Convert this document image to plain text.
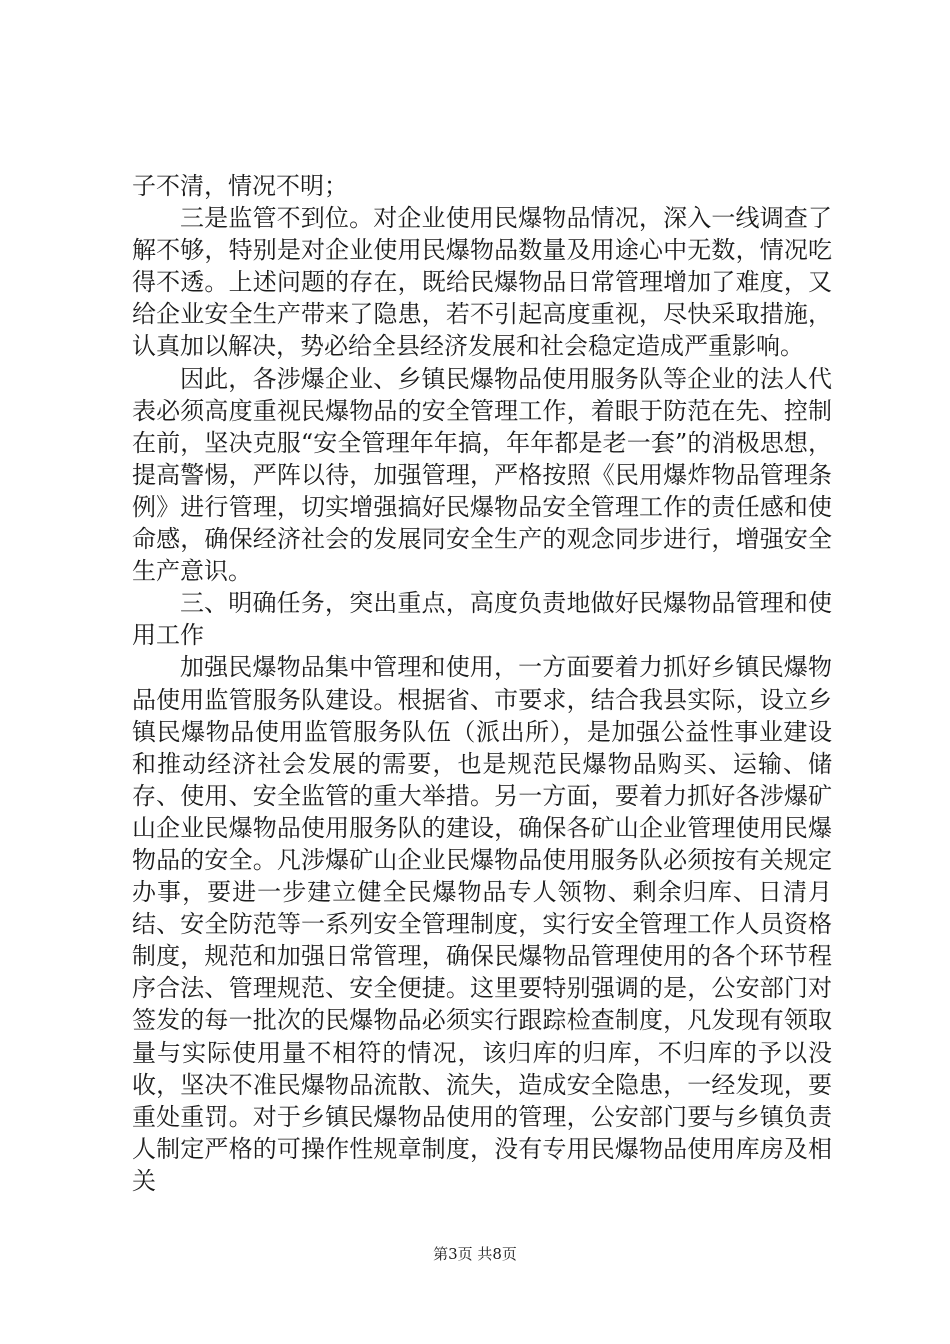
子不清，情况不明；

三是监管不到位。对企业使用民爆物品情况，深入一线调查了解不够，特别是对企业使用民爆物品数量及用途心中无数，情况吃得不透。上述问题的存在，既给民爆物品日常管理增加了难度，又给企业安全生产带来了隐患，若不引起高度重视，尽快采取措施，认真加以解决，势必给全县经济发展和社会稳定造成严重影响。

因此，各涉爆企业、乡镇民爆物品使用服务队等企业的法人代表必须高度重视民爆物品的安全管理工作，着眼于防范在先、控制在前，坚决克服“安全管理年年搞，年年都是老一套”的消极思想，提高警惕，严阵以待，加强管理，严格按照《民用爆炸物品管理条例》进行管理，切实增强搞好民爆物品安全管理工作的责任感和使命感，确保经济社会的发展同安全生产的观念同步进行，增强安全生产意识。

三、明确任务，突出重点，高度负责地做好民爆物品管理和使用工作

加强民爆物品集中管理和使用，一方面要着力抓好乡镇民爆物品使用监管服务队建设。根据省、市要求，结合我县实际，设立乡镇民爆物品使用监管服务队伍（派出所），是加强公益性事业建设和推动经济社会发展的需要，也是规范民爆物品购买、运输、储存、使用、安全监管的重大举措。另一方面，要着力抓好各涉爆矿山企业民爆物品使用服务队的建设，确保各矿山企业管理使用民爆物品的安全。凡涉爆矿山企业民爆物品使用服务队必须按有关规定办事，要进一步建立健全民爆物品专人领物、剩余归库、日清月结、安全防范等一系列安全管理制度，实行安全管理工作人员资格制度，规范和加强日常管理，确保民爆物品管理使用的各个环节程序合法、管理规范、安全便捷。这里要特别强调的是，公安部门对签发的每一批次的民爆物品必须实行跟踪检查制度，凡发现有领取量与实际使用量不相符的情况，该归库的归库，不归库的予以没收，坚决不准民爆物品流散、流失，造成安全隐患，一经发现，要重处重罚。对于乡镇民爆物品使用的管理，公安部门要与乡镇负责人制定严格的可操作性规章制度，没有专用民爆物品使用库房及相关

第3页 共8页
